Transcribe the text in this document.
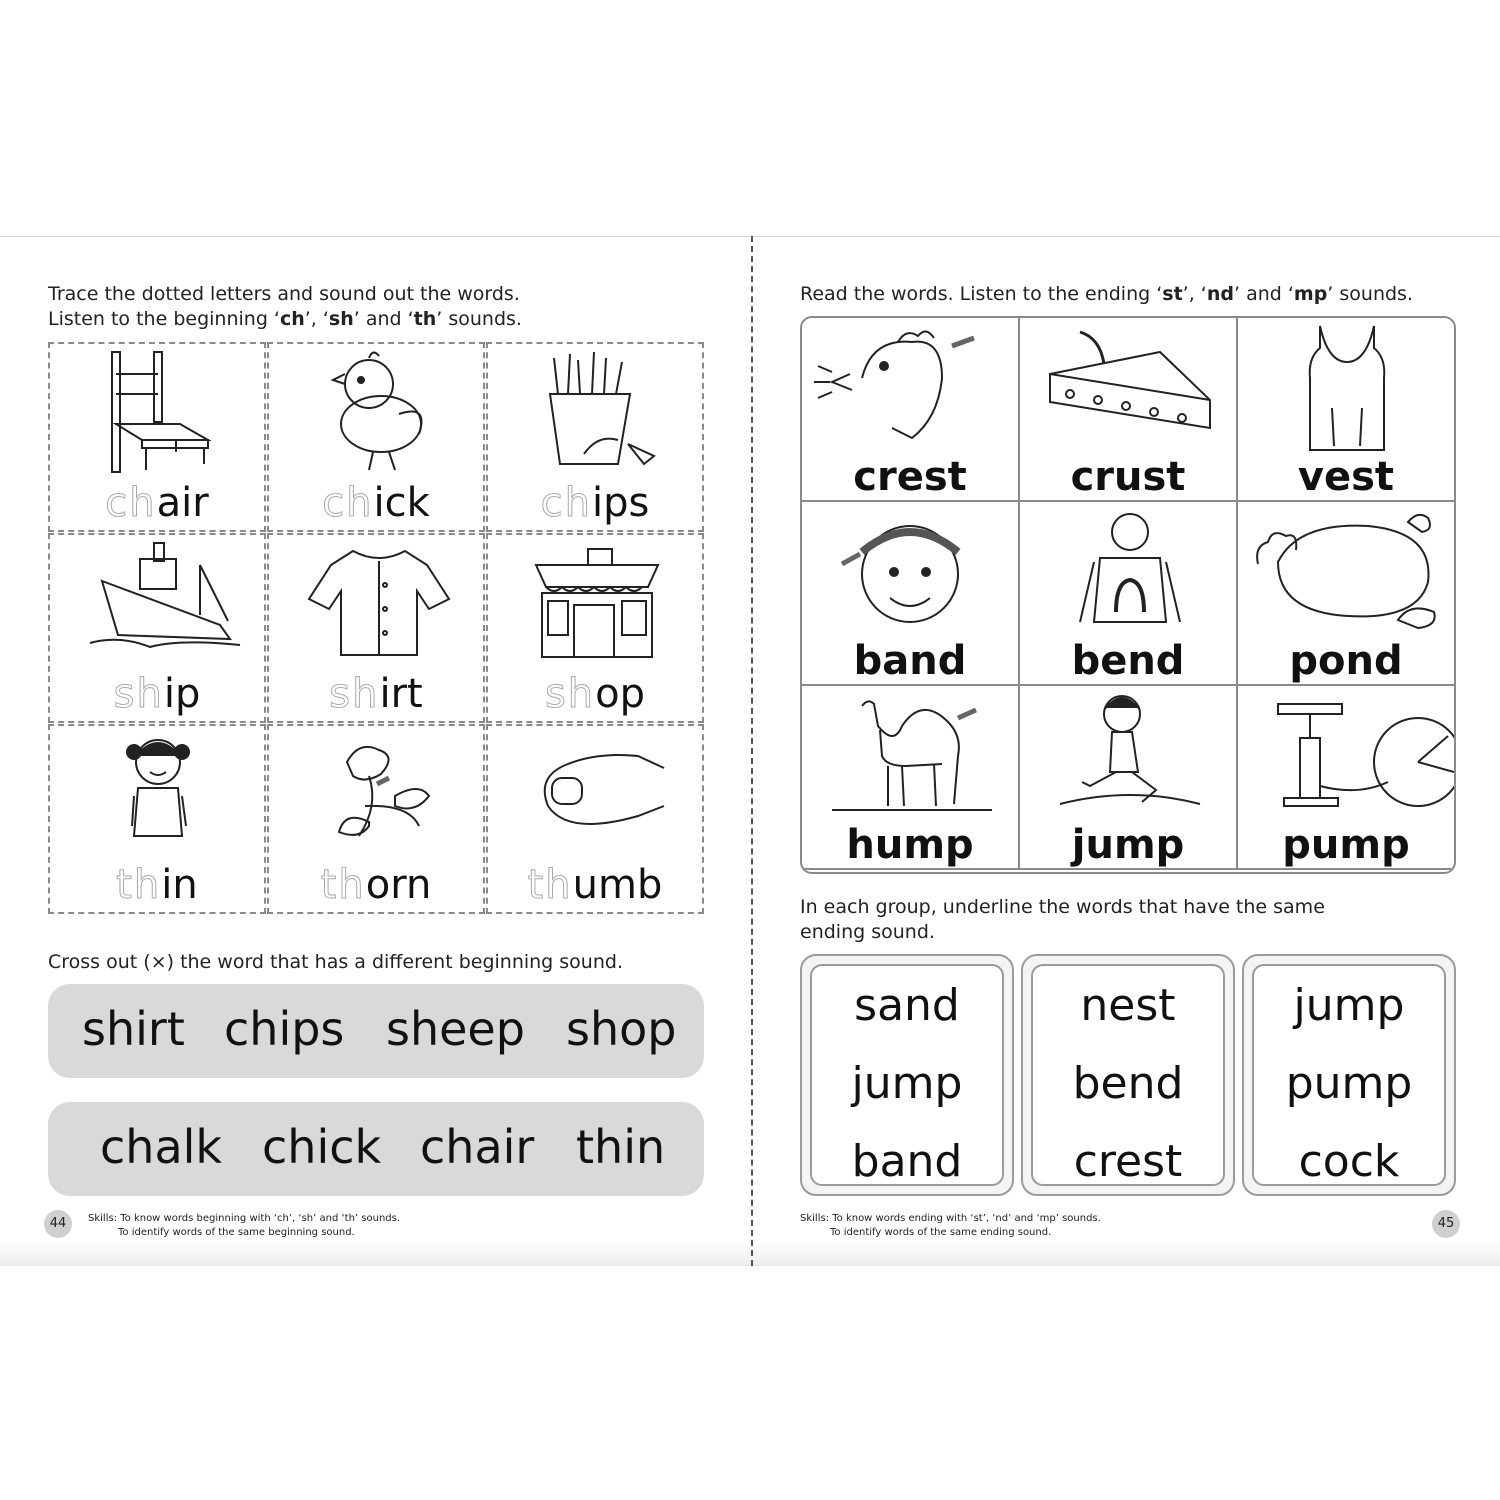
Trace the dotted letters and sound out the words.
Listen to the beginning ‘ch’, ‘sh’ and ‘th’ sounds.
chair	chick	chips
ship	shirt	shop
thin	thorn	thumb
Cross out (×) the word that has a different beginning sound.
shirt chips sheep shop
chalk chick chair thin
44	Skills: To know words beginning with ‘ch’, ‘sh’ and ‘th’ sounds.
To identify words of the same beginning sound.
Read the words. Listen to the ending ‘st’, ‘nd’ and ‘mp’ sounds.
crest	crust	vest
band	bend	pond
hump	jump	pump
In each group, underline the words that have the same
ending sound.
sand
jump
band
nest
bend
crest
jump
pump
cock
Skills: To know words ending with ‘st’, ‘nd’ and ‘mp’ sounds.
To identify words of the same ending sound.
45
